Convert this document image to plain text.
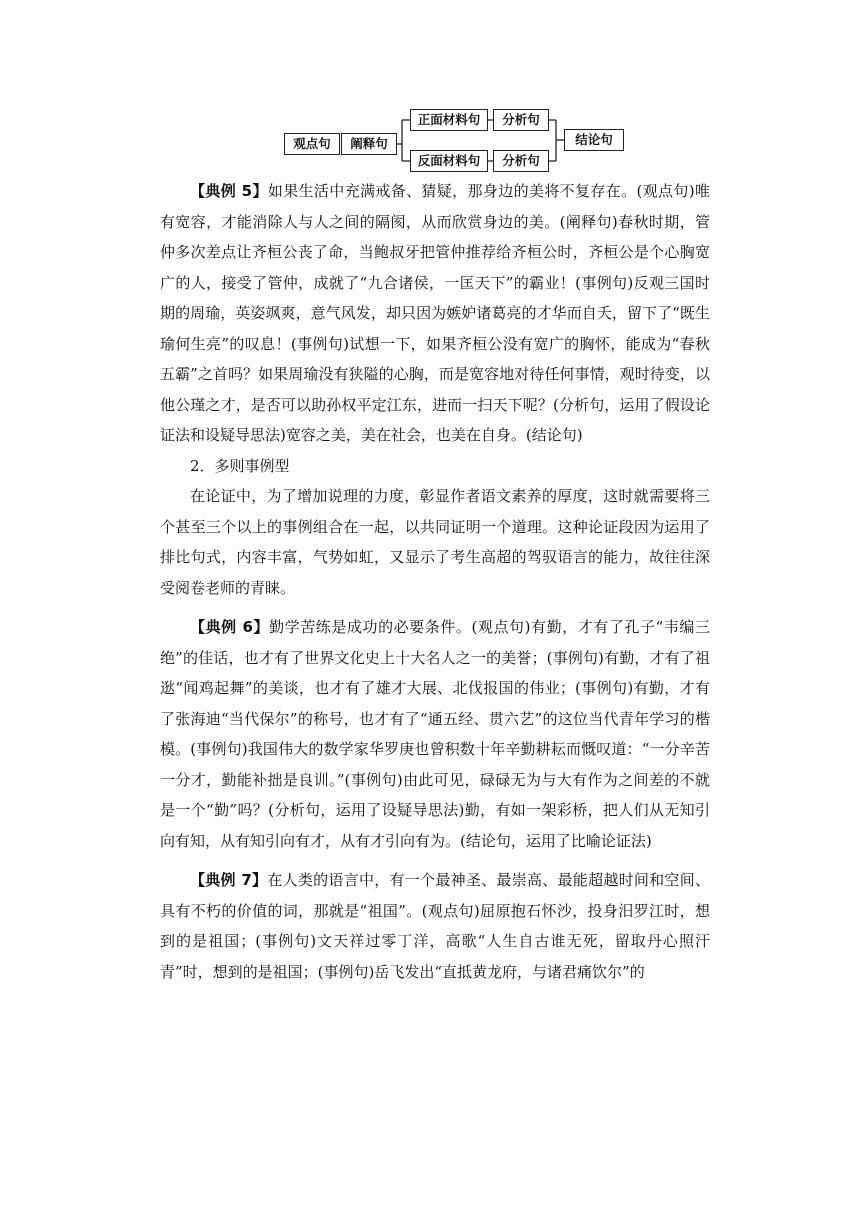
观点句	阐释句
正面材料句	分析句
反面材料句	分析句
结论句

【典例 5】如果生活中充满戒备、猜疑，那身边的美将不复存在。(观点句)唯有宽容，才能消除人与人之间的隔阂，从而欣赏身边的美。(阐释句)春秋时期，管仲多次差点让齐桓公丧了命，当鲍叔牙把管仲推荐给齐桓公时，齐桓公是个心胸宽广的人，接受了管仲，成就了“九合诸侯，一匡天下”的霸业！(事例句)反观三国时期的周瑜，英姿飒爽，意气风发，却只因为嫉妒诸葛亮的才华而自夭，留下了“既生瑜何生亮”的叹息！(事例句)试想一下，如果齐桓公没有宽广的胸怀，能成为“春秋五霸”之首吗？如果周瑜没有狭隘的心胸，而是宽容地对待任何事情，观时待变，以他公瑾之才，是否可以助孙权平定江东，进而一扫天下呢？(分析句，运用了假设论证法和设疑导思法)宽容之美，美在社会，也美在自身。(结论句)

2．多则事例型

在论证中，为了增加说理的力度，彰显作者语文素养的厚度，这时就需要将三个甚至三个以上的事例组合在一起，以共同证明一个道理。这种论证段因为运用了排比句式，内容丰富，气势如虹，又显示了考生高超的驾驭语言的能力，故往往深受阅卷老师的青睐。

【典例 6】勤学苦练是成功的必要条件。(观点句)有勤，才有了孔子“韦编三绝”的佳话，也才有了世界文化史上十大名人之一的美誉；(事例句)有勤，才有了祖逖“闻鸡起舞”的美谈，也才有了雄才大展、北伐报国的伟业；(事例句)有勤，才有了张海迪“当代保尔”的称号，也才有了“通五经、贯六艺”的这位当代青年学习的楷模。(事例句)我国伟大的数学家华罗庚也曾积数十年辛勤耕耘而慨叹道：“一分辛苦一分才，勤能补拙是良训。”(事例句)由此可见，碌碌无为与大有作为之间差的不就是一个“勤”吗？(分析句，运用了设疑导思法)勤，有如一架彩桥，把人们从无知引向有知，从有知引向有才，从有才引向有为。(结论句，运用了比喻论证法)

【典例 7】在人类的语言中，有一个最神圣、最崇高、最能超越时间和空间、具有不朽的价值的词，那就是“祖国”。(观点句)屈原抱石怀沙，投身汨罗江时，想到的是祖国；(事例句)文天祥过零丁洋，高歌“人生自古谁无死，留取丹心照汗青”时，想到的是祖国；(事例句)岳飞发出“直抵黄龙府，与诸君痛饮尔”的
